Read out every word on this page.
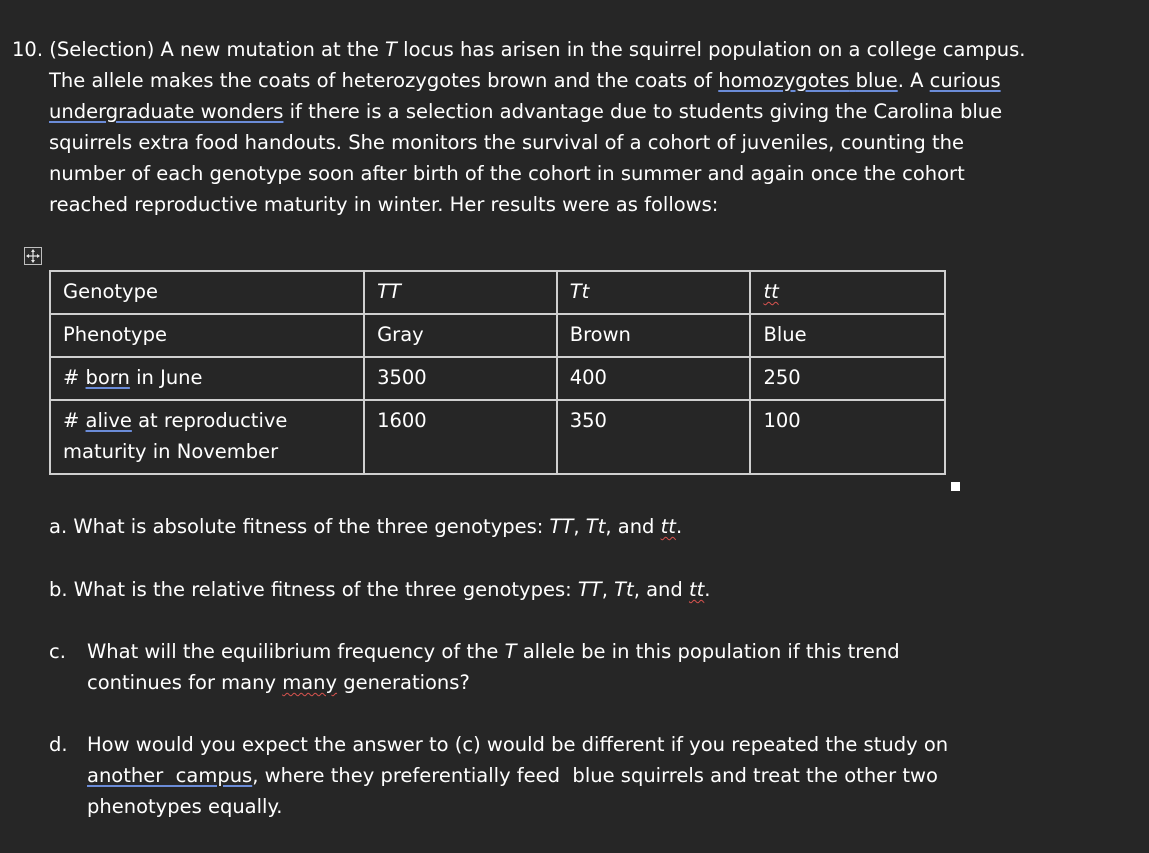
10. (Selection) A new mutation at the T locus has arisen in the squirrel population on a college campus.
The allele makes the coats of heterozygotes brown and the coats of homozygotes blue. A curious
undergraduate wonders if there is a selection advantage due to students giving the Carolina blue
squirrels extra food handouts. She monitors the survival of a cohort of juveniles, counting the
number of each genotype soon after birth of the cohort in summer and again once the cohort
reached reproductive maturity in winter. Her results were as follows:
Genotype	TT	Tt	tt
Phenotype	Gray	Brown	Blue
# born in June	3500	400	250
# alive at reproductive
maturity in November	1600	350	100
a. What is absolute fitness of the three genotypes: TT, Tt, and tt.
b. What is the relative fitness of the three genotypes: TT, Tt, and tt.
c. What will the equilibrium frequency of the T allele be in this population if this trend
continues for many many generations?
d. How would you expect the answer to (c) would be different if you repeated the study on
another  campus, where they preferentially feed  blue squirrels and treat the other two
phenotypes equally.
